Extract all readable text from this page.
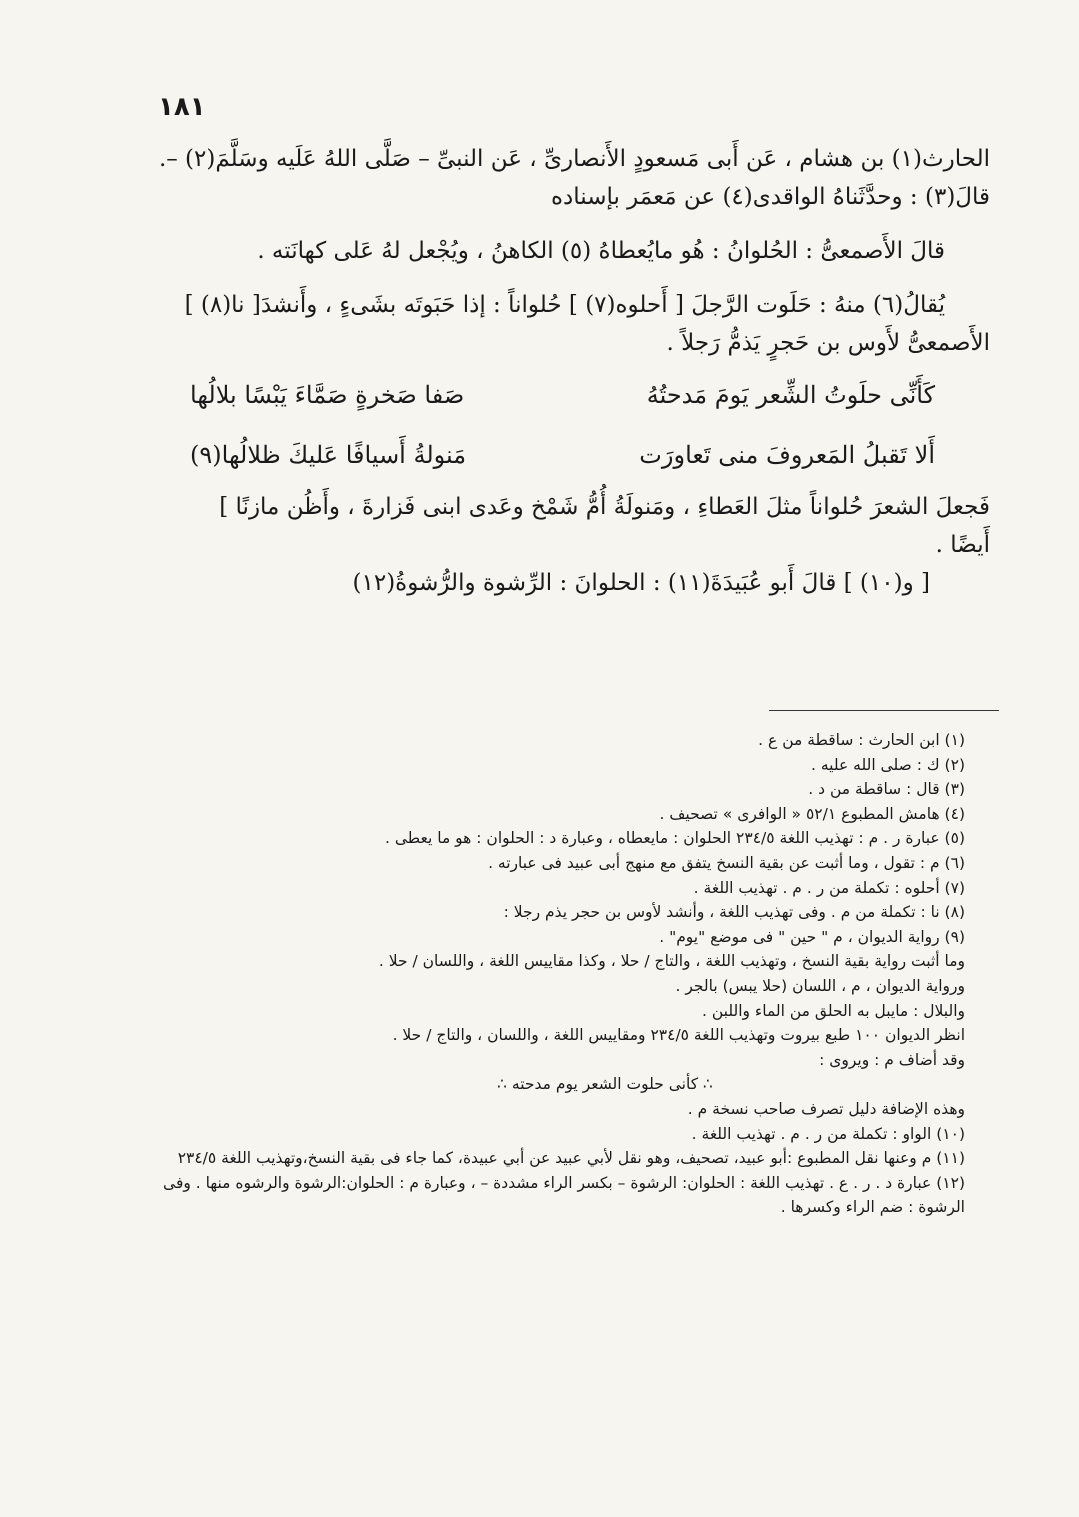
١٨١

الحارث(١) بن هشام ، عَن أَبى مَسعودٍ الأَنصارىِّ ، عَن النبىِّ – صَلَّى اللهُ عَلَيه وسَلَّمَ(٢) –.

قالَ(٣) : وحدَّثَناهُ الواقدى(٤) عن مَعمَر بإسناده

قالَ الأَصمعىُّ : الحُلوانُ : هُو مايُعطاهُ (٥) الكاهنُ ، ويُجْعل لهُ عَلى كهانَته .

يُقالُ(٦) منهُ : حَلَوت الرَّجلَ [ أَحلوه(٧) ] حُلواناً : إذا حَبَوتَه بشَىءٍ ، وأَنشدَ[ نا(٨) ]

الأَصمعىُّ لأَوس بن حَجرٍ يَذمُّ رَجلاً .

كَأَنِّى حلَوتُ الشِّعر يَومَ مَدحتُهُ
صَفا صَخرةٍ صَمَّاءَ يَبْسًا بلالُها
أَلا تَقبلُ المَعروفَ منى تَعاورَت
مَنولةُ أَسيافًا عَليكَ ظلالُها(٩)

فَجعلَ الشعرَ حُلواناً مثلَ العَطاءِ ، ومَنولَةُ أُمُّ شَمْخ وعَدى ابنى فَزارةَ ، وأَظُن مازنًا ]

أَيضًا .

[ و(١٠) ] قالَ أَبو عُبَيدَةَ(١١) : الحلوانَ : الرِّشوة والرُّشوةُ(١٢)

(١) ابن الحارث : ساقطة من ع .
(٢) ك : صلى الله عليه .
(٣) قال : ساقطة من د .
(٤) هامش المطبوع ٥٢/١ « الوافرى » تصحيف .
(٥) عبارة ر . م : تهذيب اللغة ٢٣٤/٥ الحلوان : مايعطاه ، وعبارة د : الحلوان : هو ما يعطى .
(٦) م : تقول ، وما أثبت عن بقية النسخ يتفق مع منهج أبى عبيد فى عبارته .
(٧) أحلوه : تكملة من ر . م . تهذيب اللغة .
(٨) نا : تكملة من م . وفى تهذيب اللغة ، وأنشد لأوس بن حجر يذم رجلا :
(٩) رواية الديوان ، م " حين " فى موضع "يوم" .
وما أثبت رواية بقية النسخ ، وتهذيب اللغة ، والتاج / حلا ، وكذا مقاييس اللغة ، واللسان / حلا .
ورواية الديوان ، م ، اللسان (حلا يبس) بالجر .
والبلال : مايبل به الحلق من الماء واللبن .
انظر الديوان ١٠٠ طبع بيروت وتهذيب اللغة ٢٣٤/٥ ومقاييس اللغة ، واللسان ، والتاج / حلا .
وقد أضاف م : ويروى :
∴ كأنى حلوت الشعر يوم مدحته ∴
وهذه الإضافة دليل تصرف صاحب نسخة م .
(١٠) الواو : تكملة من ر . م . تهذيب اللغة .
(١١) م وعنها نقل المطبوع :أبو عبيد، تصحيف، وهو نقل لأبي عبيد عن أبي عبيدة، كما جاء فى بقية النسخ،وتهذيب اللغة ٢٣٤/٥
(١٢) عبارة د . ر . ع . تهذيب اللغة : الحلوان: الرشوة – بكسر الراء مشددة – ، وعبارة م : الحلوان:الرشوة والرشوه منها . وفى الرشوة : ضم الراء وكسرها .
